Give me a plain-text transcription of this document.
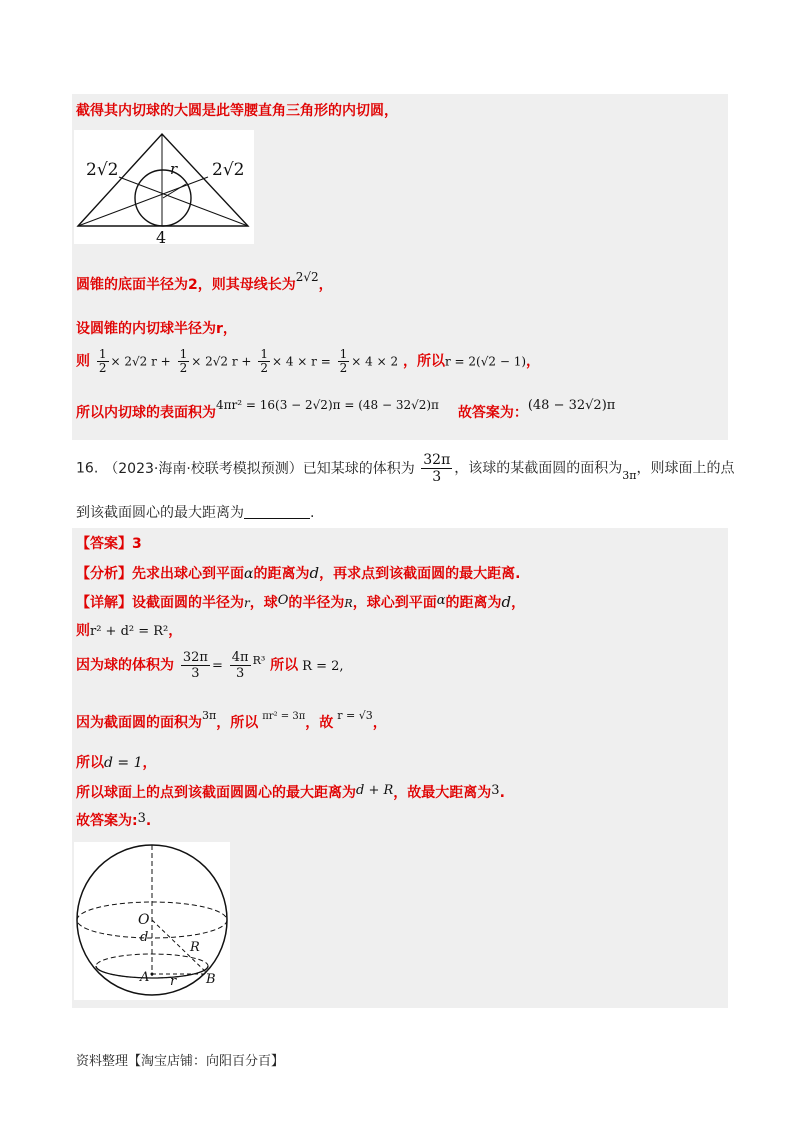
截得其内切球的大圆是此等腰直角三角形的内切圆，
2√2	2√2
r
4
圆锥的底面半径为2，则其母线长为2√2，
设圆锥的内切球半径为r，
则 $\frac{1}{2} \times 2√2$ $r + \frac{1}{2} \times 2√2$ $r + \frac{1}{2} \times 4 \times r = \frac{1}{2} \times 4 \times 2$ ，所以r = 2(√2 − 1)，
所以内切球的表面积为4πr² = 16(3 − 2√2)π = (48 − 32√2)π 故答案为：(48 − 32√2)π
16. （2023·海南·校联考模拟预测）已知某球的体积为 $\frac{32\pi}{3}$ ，该球的某截面圆的面积为$_{3\pi}$，则球面上的点
到该截面圆心的最大距离为	.
【答案】3
【分析】先求出球心到平面α的距离为d，再求点到该截面圆的最大距离.
【详解】设截面圆的半径为r，球O的半径为R，球心到平面α的距离为d，
则r² + d² = R²，
因为球的体积为 $\frac{32\pi}{3} = \frac{4\pi}{3} ^{R^3}$ 所以 R = 2,
因为截面圆的面积为$^{3\pi}$，所以 $^{\pi r^2 = 3\pi}$，故 $^{r = √3}$，
所以d = 1，
所以球面上的点到该截面圆圆心的最大距离为d + R，故最大距离为3.
故答案为:3.
O
d
R
A r B
资料整理【淘宝店铺：向阳百分百】
